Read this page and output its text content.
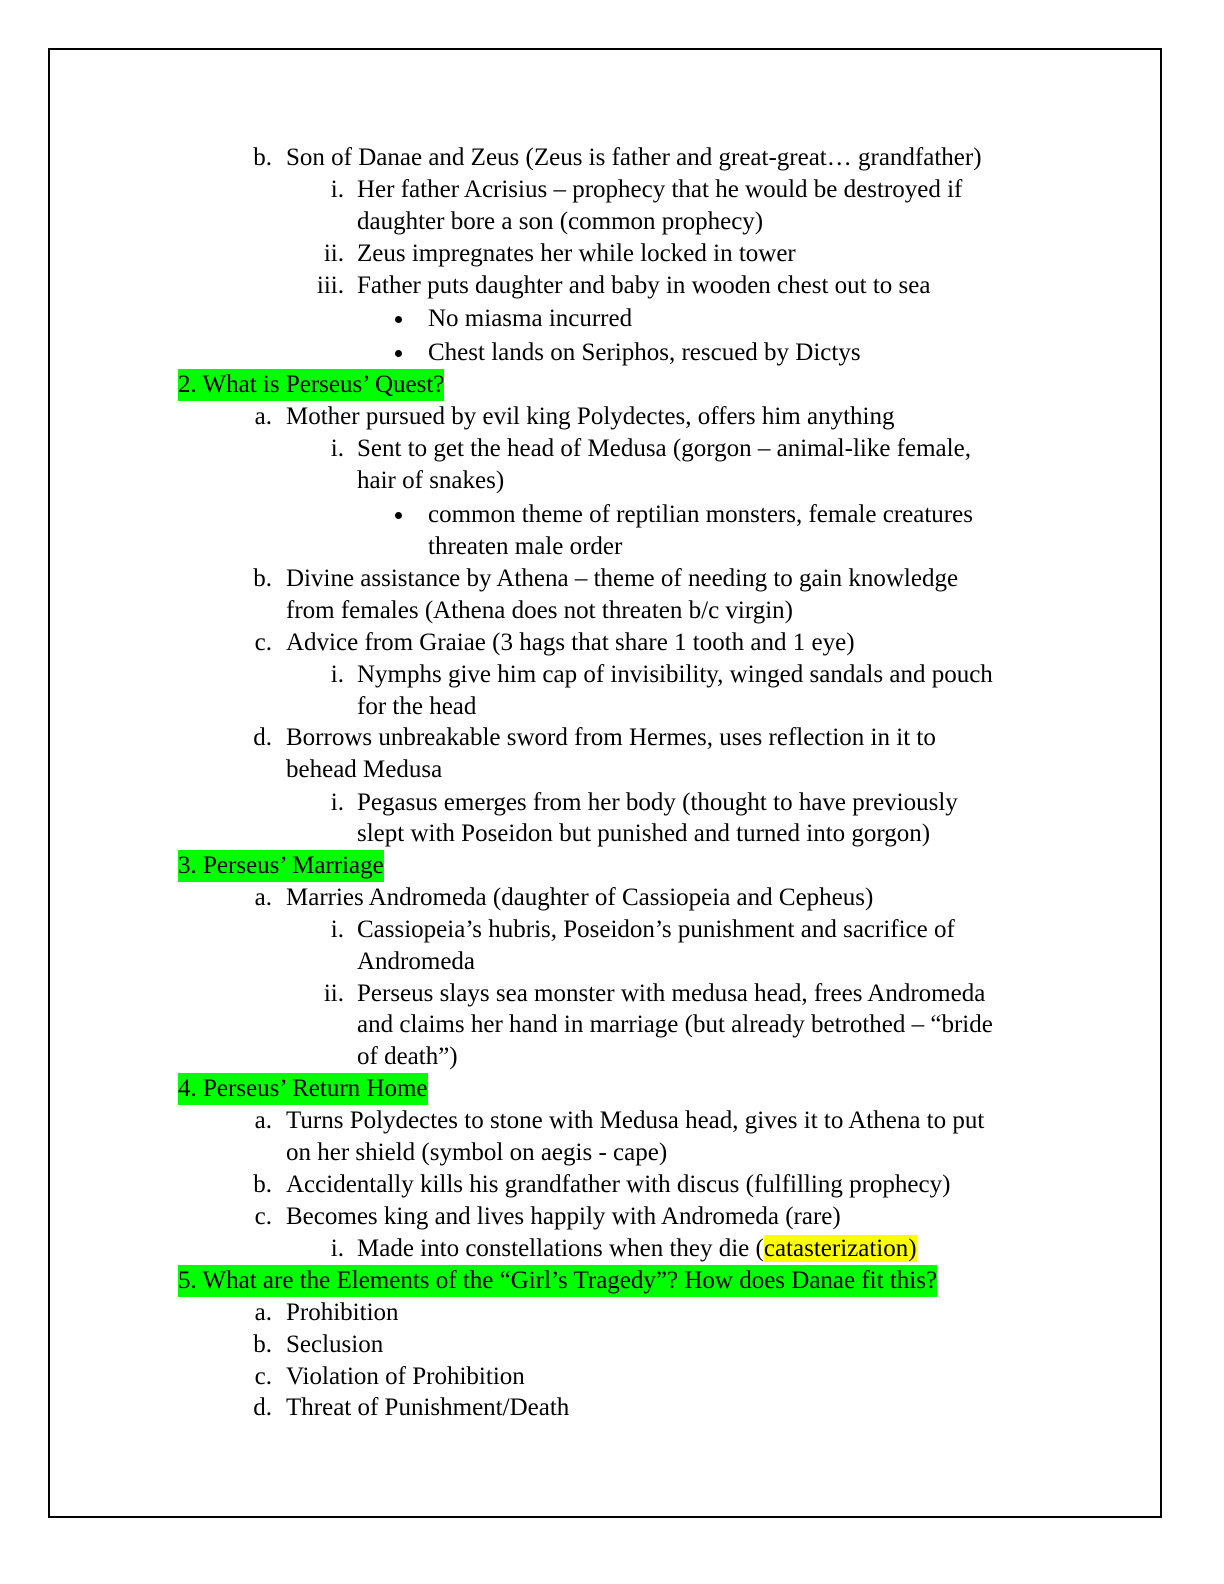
b. Son of Danae and Zeus (Zeus is father and great-great… grandfather)
i. Her father Acrisius – prophecy that he would be destroyed if
daughter bore a son (common prophecy)
ii. Zeus impregnates her while locked in tower
iii. Father puts daughter and baby in wooden chest out to sea
No miasma incurred
Chest lands on Seriphos, rescued by Dictys
2. What is Perseus’ Quest?
a. Mother pursued by evil king Polydectes, offers him anything
i. Sent to get the head of Medusa (gorgon – animal-like female,
hair of snakes)
common theme of reptilian monsters, female creatures
threaten male order
b. Divine assistance by Athena – theme of needing to gain knowledge
from females (Athena does not threaten b/c virgin)
c. Advice from Graiae (3 hags that share 1 tooth and 1 eye)
i. Nymphs give him cap of invisibility, winged sandals and pouch
for the head
d. Borrows unbreakable sword from Hermes, uses reflection in it to
behead Medusa
i. Pegasus emerges from her body (thought to have previously
slept with Poseidon but punished and turned into gorgon)
3. Perseus’ Marriage
a. Marries Andromeda (daughter of Cassiopeia and Cepheus)
i. Cassiopeia’s hubris, Poseidon’s punishment and sacrifice of
Andromeda
ii. Perseus slays sea monster with medusa head, frees Andromeda
and claims her hand in marriage (but already betrothed – “bride
of death”)
4. Perseus’ Return Home
a. Turns Polydectes to stone with Medusa head, gives it to Athena to put
on her shield (symbol on aegis - cape)
b. Accidentally kills his grandfather with discus (fulfilling prophecy)
c. Becomes king and lives happily with Andromeda (rare)
i. Made into constellations when they die (catasterization)
5. What are the Elements of the “Girl’s Tragedy”? How does Danae fit this?
a. Prohibition
b. Seclusion
c. Violation of Prohibition
d. Threat of Punishment/Death
